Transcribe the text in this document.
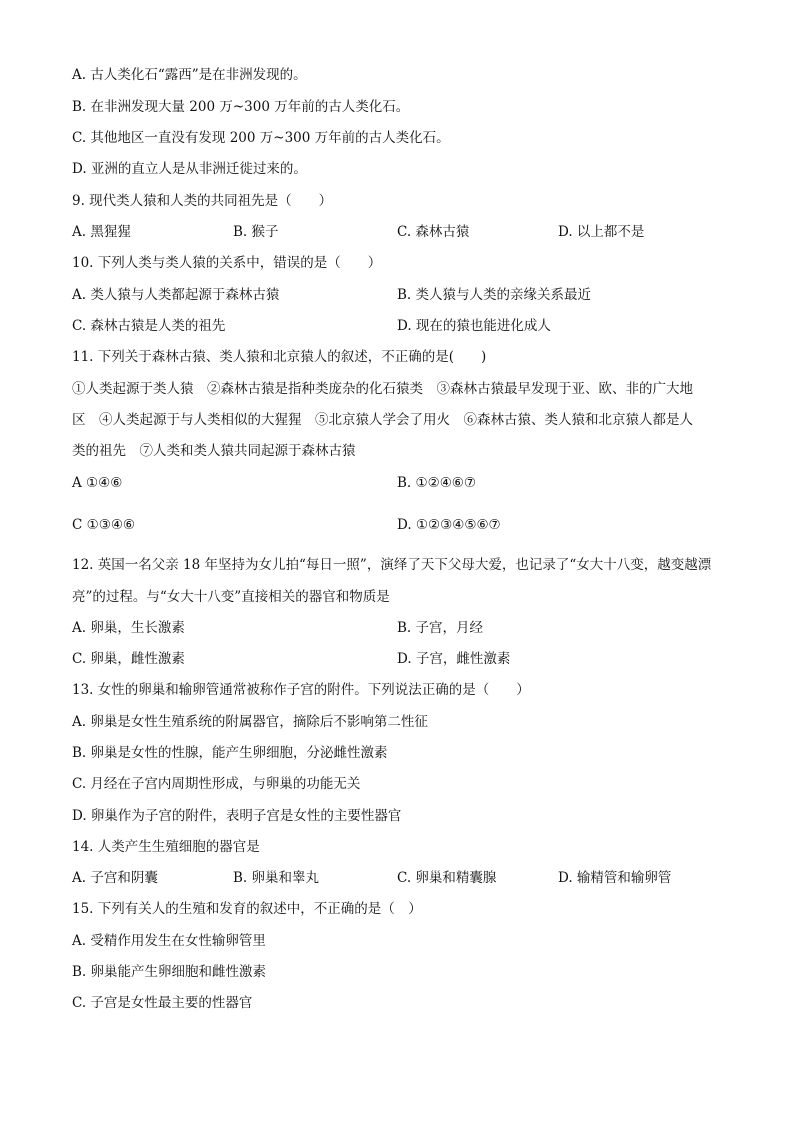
A. 古人类化石“露西”是在非洲发现的。
B. 在非洲发现大量 200 万~300 万年前的古人类化石。
C. 其他地区一直没有发现 200 万~300 万年前的古人类化石。
D. 亚洲的直立人是从非洲迁徙过来的。
9. 现代类人猿和人类的共同祖先是（　　）
A. 黑猩猩	B. 猴子	C. 森林古猿	D. 以上都不是
10. 下列人类与类人猿的关系中，错误的是（　　）
A. 类人猿与人类都起源于森林古猿	B. 类人猿与人类的亲缘关系最近
C. 森林古猿是人类的祖先	D. 现在的猿也能进化成人
11. 下列关于森林古猿、类人猿和北京猿人的叙述，不正确的是(　　)
①人类起源于类人猿　②森林古猿是指种类庞杂的化石猿类　③森林古猿最早发现于亚、欧、非的广大地
区　④人类起源于与人类相似的大猩猩　⑤北京猿人学会了用火　⑥森林古猿、类人猿和北京猿人都是人
类的祖先　⑦人类和类人猿共同起源于森林古猿
A ①④⑥	B. ①②④⑥⑦
C ①③④⑥	D. ①②③④⑤⑥⑦
12. 英国一名父亲 18 年坚持为女儿拍“每日一照”，演绎了天下父母大爱，也记录了“女大十八变，越变越漂
亮”的过程。与“女大十八变”直接相关的器官和物质是
A. 卵巢，生长激素	B. 子宫，月经
C. 卵巢，雌性激素	D. 子宫，雌性激素
13. 女性的卵巢和输卵管通常被称作子宫的附件。下列说法正确的是（　　）
A. 卵巢是女性生殖系统的附属器官，摘除后不影响第二性征
B. 卵巢是女性的性腺，能产生卵细胞，分泌雌性激素
C. 月经在子宫内周期性形成，与卵巢的功能无关
D. 卵巢作为子宫的附件，表明子宫是女性的主要性器官
14. 人类产生生殖细胞的器官是
A. 子宫和阴囊	B. 卵巢和睾丸	C. 卵巢和精囊腺	D. 输精管和输卵管
15. 下列有关人的生殖和发育的叙述中，不正确的是（　）
A. 受精作用发生在女性输卵管里
B. 卵巢能产生卵细胞和雌性激素
C. 子宫是女性最主要的性器官
